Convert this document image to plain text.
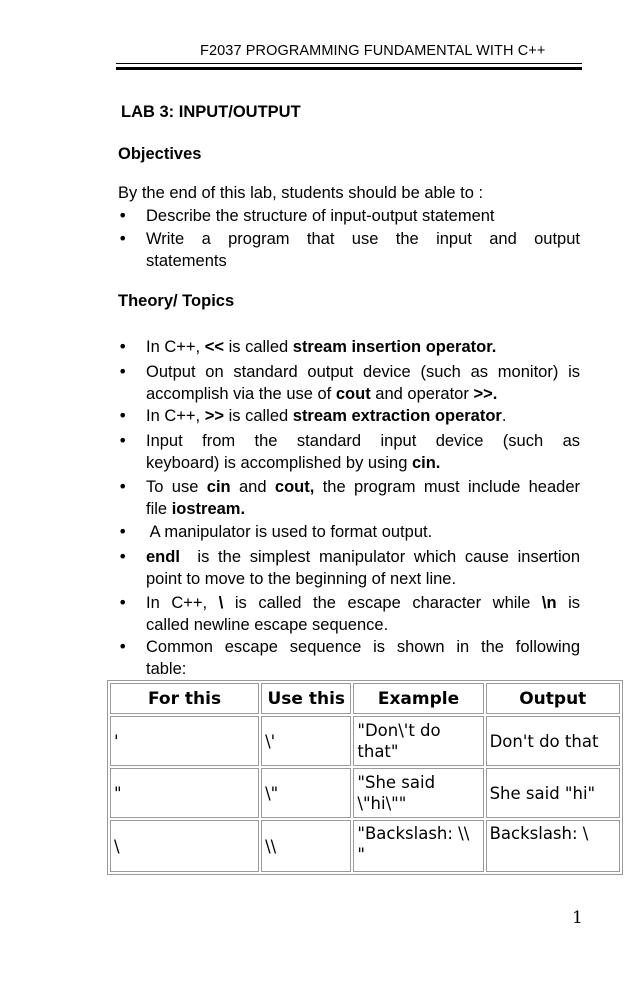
F2037 PROGRAMMING FUNDAMENTAL WITH C++
LAB 3: INPUT/OUTPUT
Objectives
By the end of this lab, students should be able to :
•	Describe the structure of input-output statement
•	Write a program that use the input and output
statements
Theory/ Topics
•	In C++, << is called stream insertion operator.
•	Output on standard output device (such as monitor) is
accomplish via the use of cout and operator >>.
•	In C++, >> is called stream extraction operator.
•	Input from the standard input device (such as
keyboard) is accomplished by using cin.
•	To use cin and cout, the program must include header
file iostream.
•	A manipulator is used to format output.
•	endl  is the simplest manipulator which cause insertion
point to move to the beginning of next line.
•	In C++, \ is called the escape character while \n is
called newline escape sequence.
•	Common escape sequence is shown in the following
table:
For this	Use this	Example	Output
'	\'	"Don\'t do that"	Don't do that
"	\"	"She said \"hi\""	She said "hi"
\	\\	"Backslash: \\ "	Backslash: \
1
